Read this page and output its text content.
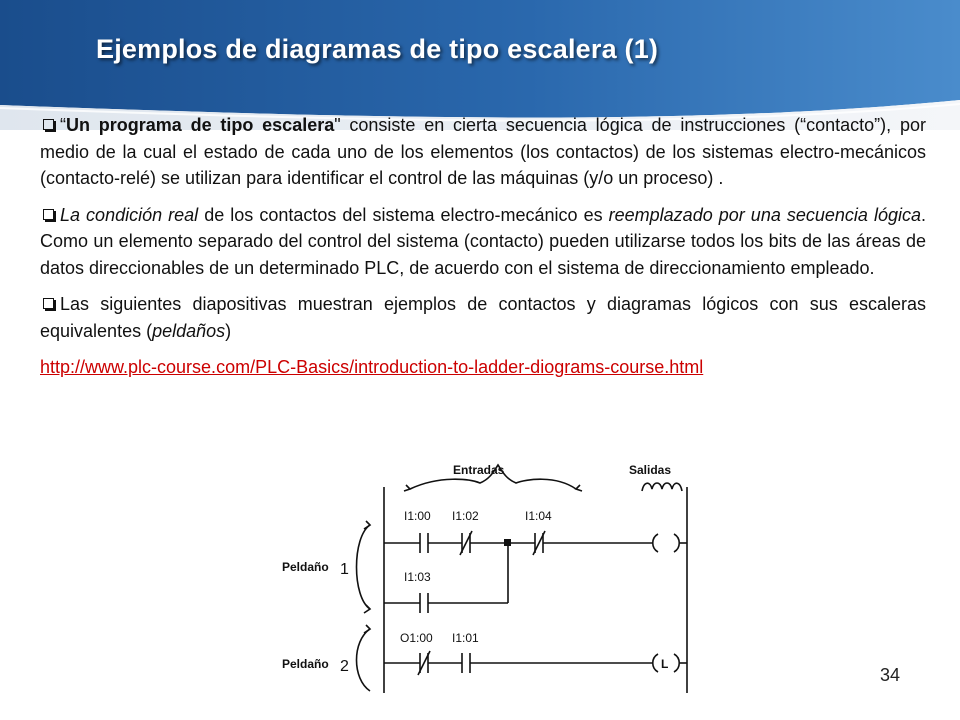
Ejemplos de diagramas de tipo escalera (1)

“Un programa de tipo escalera" consiste en cierta secuencia lógica de instrucciones (“contacto”), por medio de la cual el estado de cada uno de los elementos (los contactos) de los sistemas electro-mecánicos (contacto-relé) se utilizan para identificar el control de las máquinas (y/o un proceso) .

La condición real de los contactos del sistema electro-mecánico es reemplazado por una secuencia lógica. Como un elemento separado del control del sistema (contacto) pueden utilizarse todos los bits de las áreas de datos direccionables de un determinado PLC, de acuerdo con el sistema de direccionamiento empleado.

Las siguientes diapositivas muestran ejemplos de contactos y diagramas lógicos con sus escaleras equivalentes (peldaños)

http://www.plc-course.com/PLC-Basics/introduction-to-ladder-diograms-course.html
Entradas	Salidas
Peldaño
Peldaño
1
2
I1:00 I1:02	I1:04
I1:03
O1:00 I1:01
L
34
